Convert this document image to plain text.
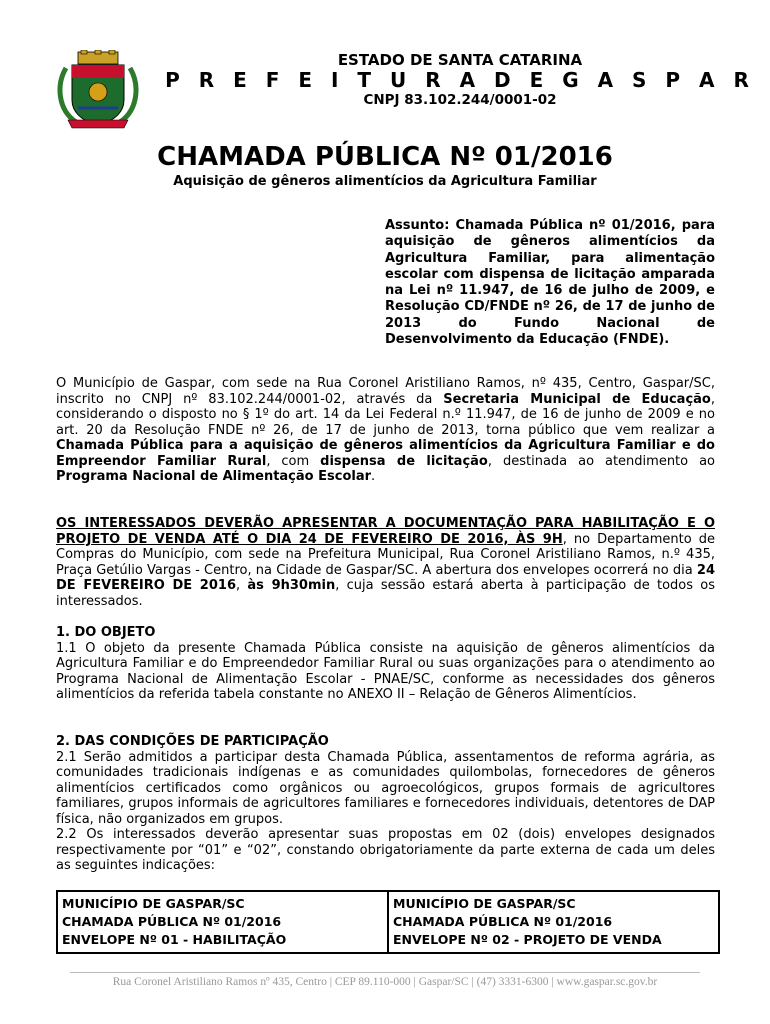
ESTADO DE SANTA CATARINA
P R E F E I T U R A D E G A S P A R
CNPJ 83.102.244/0001-02
CHAMADA PÚBLICA Nº 01/2016
Aquisição de gêneros alimentícios da Agricultura Familiar
Assunto: Chamada Pública nº 01/2016, para aquisição de gêneros alimentícios da Agricultura Familiar, para alimentação escolar com dispensa de licitação amparada na Lei nº 11.947, de 16 de julho de 2009, e Resolução CD/FNDE nº 26, de 17 de junho de 2013 do Fundo Nacional de Desenvolvimento da Educação (FNDE).
O Município de Gaspar, com sede na Rua Coronel Aristiliano Ramos, nº 435, Centro, Gaspar/SC, inscrito no CNPJ nº 83.102.244/0001-02, através da Secretaria Municipal de Educação, considerando o disposto no § 1º do art. 14 da Lei Federal n.º 11.947, de 16 de junho de 2009 e no art. 20 da Resolução FNDE nº 26, de 17 de junho de 2013, torna público que vem realizar a Chamada Pública para a aquisição de gêneros alimentícios da Agricultura Familiar e do Empreendor Familiar Rural, com dispensa de licitação, destinada ao atendimento ao Programa Nacional de Alimentação Escolar.
OS INTERESSADOS DEVERÃO APRESENTAR A DOCUMENTAÇÃO PARA HABILITAÇÃO E O PROJETO DE VENDA ATÉ O DIA 24 DE FEVEREIRO DE 2016, ÀS 9H, no Departamento de Compras do Município, com sede na Prefeitura Municipal, Rua Coronel Aristiliano Ramos, n.º 435, Praça Getúlio Vargas - Centro, na Cidade de Gaspar/SC. A abertura dos envelopes ocorrerá no dia 24 DE FEVEREIRO DE 2016, às 9h30min, cuja sessão estará aberta à participação de todos os interessados.
1. DO OBJETO
1.1 O objeto da presente Chamada Pública consiste na aquisição de gêneros alimentícios da Agricultura Familiar e do Empreendedor Familiar Rural ou suas organizações para o atendimento ao Programa Nacional de Alimentação Escolar - PNAE/SC, conforme as necessidades dos gêneros alimentícios da referida tabela constante no ANEXO II – Relação de Gêneros Alimentícios.
2. DAS CONDIÇÕES DE PARTICIPAÇÃO
2.1 Serão admitidos a participar desta Chamada Pública, assentamentos de reforma agrária, as comunidades tradicionais indígenas e as comunidades quilombolas, fornecedores de gêneros alimentícios certificados como orgânicos ou agroecológicos, grupos formais de agricultores familiares, grupos informais de agricultores familiares e fornecedores individuais, detentores de DAP física, não organizados em grupos.
2.2 Os interessados deverão apresentar suas propostas em 02 (dois) envelopes designados respectivamente por “01” e “02”, constando obrigatoriamente da parte externa de cada um deles as seguintes indicações:
MUNICÍPIO DE GASPAR/SC
CHAMADA PÚBLICA Nº 01/2016
ENVELOPE Nº 01 - HABILITAÇÃO

MUNICÍPIO DE GASPAR/SC
CHAMADA PÚBLICA Nº 01/2016
ENVELOPE Nº 02 - PROJETO DE VENDA
Rua Coronel Aristiliano Ramos nº 435, Centro | CEP 89.110-000 | Gaspar/SC | (47) 3331-6300 | www.gaspar.sc.gov.br
